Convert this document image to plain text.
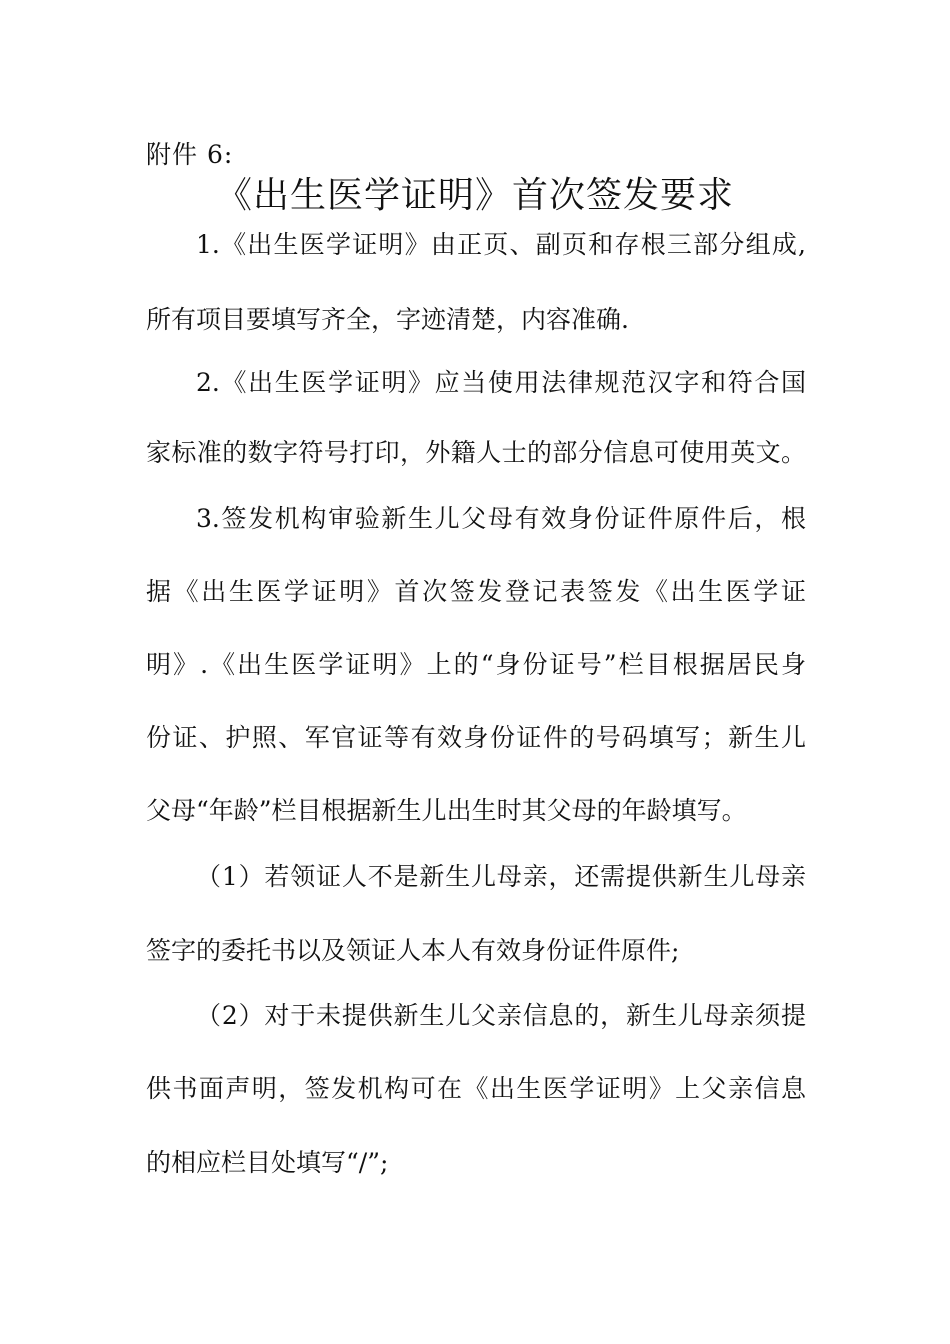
附件 6:
《出生医学证明》首次签发要求
1.《出生医学证明》由正页、副页和存根三部分组成,
所有项目要填写齐全，字迹清楚，内容准确.
2.《出生医学证明》应当使用法律规范汉字和符合国
家标准的数字符号打印，外籍人士的部分信息可使用英文。
3.签发机构审验新生儿父母有效身份证件原件后，根
据《出生医学证明》首次签发登记表签发《出生医学证
明》.《出生医学证明》上的“身份证号”栏目根据居民身
份证、护照、军官证等有效身份证件的号码填写；新生儿
父母“年龄”栏目根据新生儿出生时其父母的年龄填写。
（1）若领证人不是新生儿母亲，还需提供新生儿母亲
签字的委托书以及领证人本人有效身份证件原件;
（2）对于未提供新生儿父亲信息的，新生儿母亲须提
供书面声明，签发机构可在《出生医学证明》上父亲信息
的相应栏目处填写“/”;
